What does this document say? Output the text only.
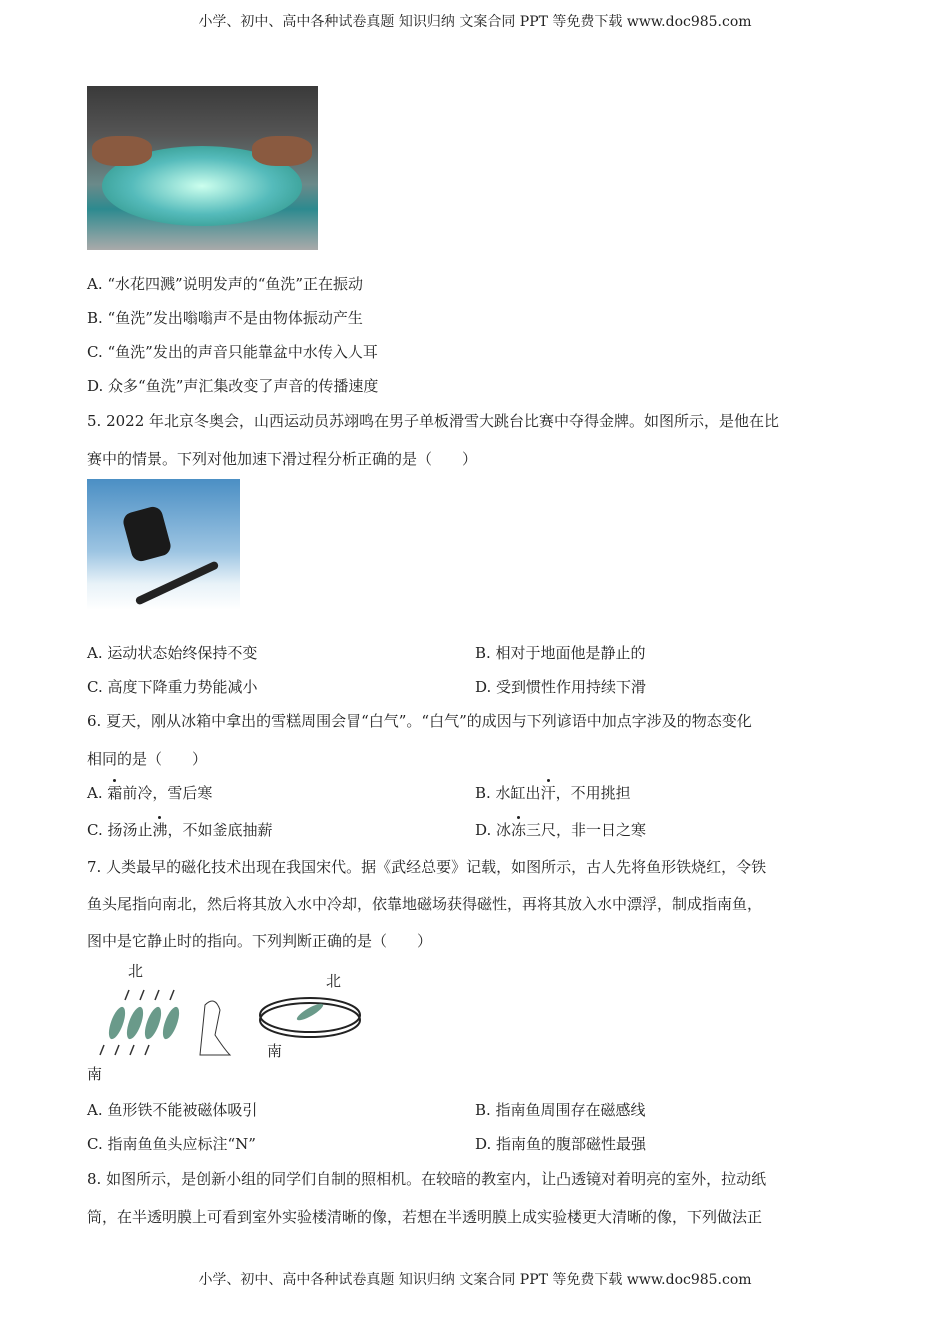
小学、初中、高中各种试卷真题 知识归纳 文案合同 PPT 等免费下载 www.doc985.com
A. “水花四溅”说明发声的“鱼洗”正在振动
B. “鱼洗”发出嗡嗡声不是由物体振动产生
C. “鱼洗”发出的声音只能靠盆中水传入人耳
D. 众多“鱼洗”声汇集改变了声音的传播速度
5. 2022 年北京冬奥会，山西运动员苏翊鸣在男子单板滑雪大跳台比赛中夺得金牌。如图所示，是他在比
赛中的情景。下列对他加速下滑过程分析正确的是（　　）
A. 运动状态始终保持不变	B. 相对于地面他是静止的
C. 高度下降重力势能减小	D. 受到惯性作用持续下滑
6. 夏天，刚从冰箱中拿出的雪糕周围会冒“白气”。“白气”的成因与下列谚语中加点字涉及的物态变化
相同的是（　　）
A. 霜前冷，雪后寒	B. 水缸出汗，不用挑担
C. 扬汤止沸，不如釜底抽薪	D. 冰冻三尺，非一日之寒
7. 人类最早的磁化技术出现在我国宋代。据《武经总要》记载，如图所示，古人先将鱼形铁烧红，令铁
鱼头尾指向南北，然后将其放入水中冷却，依靠地磁场获得磁性，再将其放入水中漂浮，制成指南鱼，
图中是它静止时的指向。下列判断正确的是（　　）
北
南
北
南
A. 鱼形铁不能被磁体吸引	B. 指南鱼周围存在磁感线
C. 指南鱼鱼头应标注“N”	D. 指南鱼的腹部磁性最强
8. 如图所示，是创新小组的同学们自制的照相机。在较暗的教室内，让凸透镜对着明亮的室外，拉动纸
筒，在半透明膜上可看到室外实验楼清晰的像，若想在半透明膜上成实验楼更大清晰的像，下列做法正
小学、初中、高中各种试卷真题 知识归纳 文案合同 PPT 等免费下载 www.doc985.com
